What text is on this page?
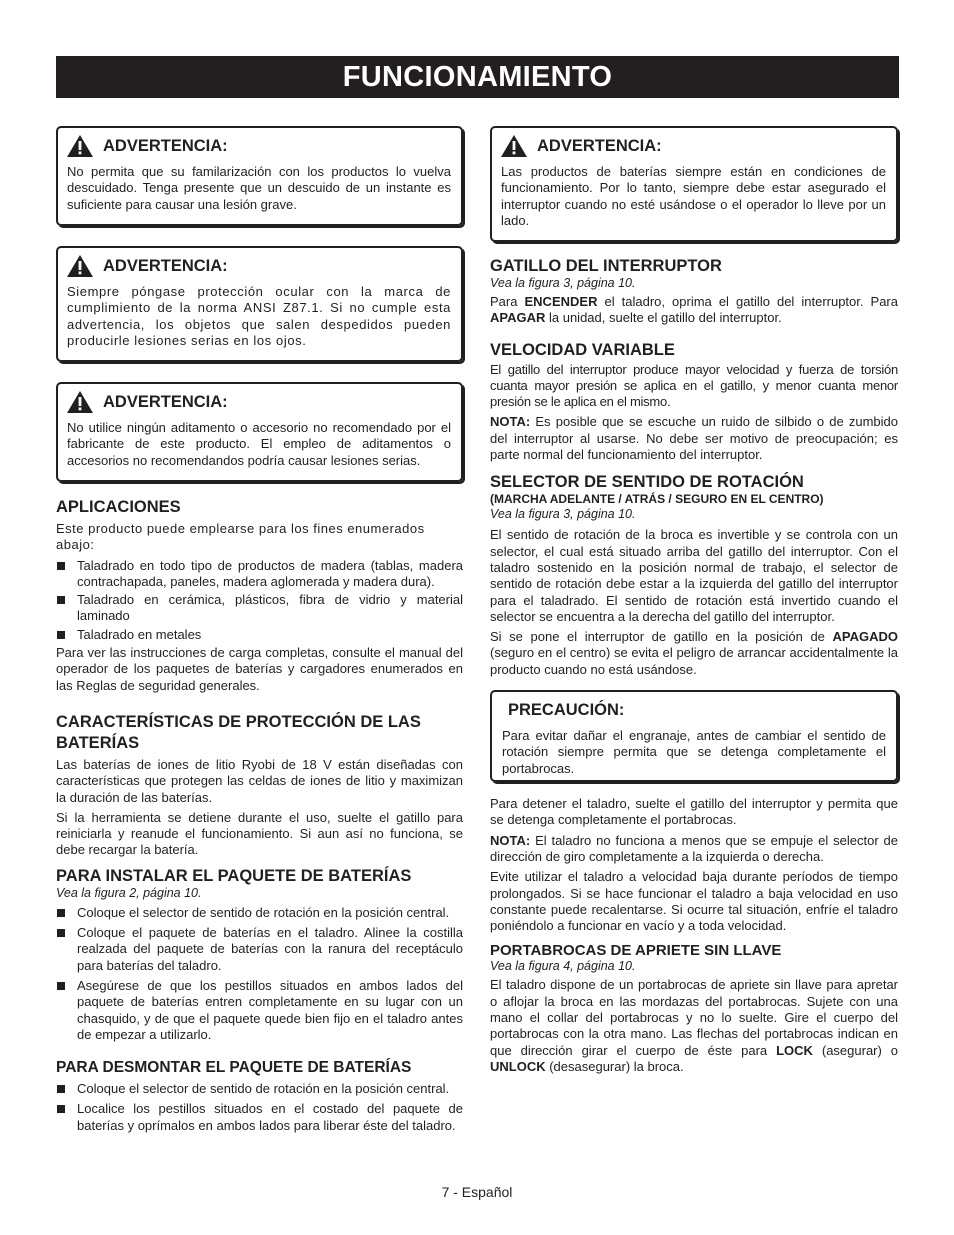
FUNCIONAMIENTO
ADVERTENCIA:
No permita que su familarización con los productos lo vuelva descuidado. Tenga presente que un descuido de un instante es suficiente para causar una lesión grave.
ADVERTENCIA:
Siempre póngase protección ocular con la marca de cumplimiento de la norma ANSI Z87.1. Si no cumple esta advertencia, los objetos que salen despedidos pueden producirle lesiones serias en los ojos.
ADVERTENCIA:
No utilice ningún aditamento o accesorio no recomendado por el fabricante de este producto. El empleo de aditamentos o accesorios no recomendandos podría causar lesiones serias.
APLICACIONES

Este producto puede emplearse para los fines enumerados abajo:

Taladrado en todo tipo de productos de madera (tablas, madera contrachapada, paneles, madera aglomerada y madera dura).
Taladrado en cerámica, plásticos, fibra de vidrio y material laminado
Taladrado en metales

Para ver las instrucciones de carga completas, consulte el manual del operador de los paquetes de baterías y cargadores enumerados en las Reglas de seguridad generales.

CARACTERÍSTICAS DE PROTECCIÓN DE LAS BATERÍAS

Las baterías de iones de litio Ryobi de 18 V están diseñadas con características que protegen las celdas de iones de litio y maximizan la duración de las baterías.

Si la herramienta se detiene durante el uso, suelte el gatillo para reiniciarla y reanude el funcionamiento. Si aun así no funciona, se debe recargar la batería.

PARA INSTALAR EL PAQUETE DE BATERÍAS
Vea la figura 2, página 10.
Coloque el selector de sentido de rotación en la posición central.
Coloque el paquete de baterías en el taladro. Alinee la costilla realzada del paquete de baterías con la ranura del receptáculo para baterías del taladro.
Asegúrese de que los pestillos situados en ambos lados del paquete de baterías entren completamente en su lugar con un chasquido, y de que el paquete quede bien fijo en el taladro antes de empezar a utilizarlo.
PARA DESMONTAR EL PAQUETE DE BATERÍAS
Coloque el selector de sentido de rotación en la posición central.
Localice los pestillos situados en el costado del paquete de baterías y oprímalos en ambos lados para liberar éste del taladro.
ADVERTENCIA:
Las productos de baterías siempre están en condiciones de funcionamiento. Por lo tanto, siempre debe estar asegurado el interruptor cuando no esté usándose o el operador lo lleve por un lado.
GATILLO DEL INTERRUPTOR
Vea la figura 3, página 10.

Para ENCENDER el taladro, oprima el gatillo del interruptor. Para APAGAR la unidad, suelte el gatillo del interruptor.

VELOCIDAD VARIABLE

El gatillo del interruptor produce mayor velocidad y fuerza de torsión cuanta mayor presión se aplica en el gatillo, y menor cuanta menor presión se le aplica en el mismo.

NOTA: Es posible que se escuche un ruido de silbido o de zumbido del interruptor al usarse. No debe ser motivo de preocupación; es parte normal del funcionamiento del interruptor.

SELECTOR DE SENTIDO DE ROTACIÓN
(MARCHA ADELANTE / ATRÁS / SEGURO EN EL CENTRO)
Vea la figura 3, página 10.

El sentido de rotación de la broca es invertible y se controla con un selector, el cual está situado arriba del gatillo del interruptor. Con el taladro sostenido en la posición normal de trabajo, el selector de sentido de rotación debe estar a la izquierda del gatillo del interruptor para el taladrado. El sentido de rotación está invertido cuando el selector se encuentra a la derecha del gatillo del interruptor.

Si se pone el interruptor de gatillo en la posición de APAGADO (seguro en el centro) se evita el peligro de arrancar accidentalmente la producto cuando no está usándose.

PRECAUCIÓN:
Para evitar dañar el engranaje, antes de cambiar el sentido de rotación siempre permita que se detenga completamente el portabrocas.

Para detener el taladro, suelte el gatillo del interruptor y permita que se detenga completamente el portabrocas.

NOTA: El taladro no funciona a menos que se empuje el selector de dirección de giro completamente a la izquierda o derecha.

Evite utilizar el taladro a velocidad baja durante períodos de tiempo prolongados. Si se hace funcionar el taladro a baja velocidad en uso constante puede recalentarse. Si ocurre tal situación, enfríe el taladro poniéndolo a funcionar en vacío y a toda velocidad.

PORTABROCAS DE APRIETE SIN LLAVE
Vea la figura 4, página 10.

El taladro dispone de un portabrocas de apriete sin llave para apretar o aflojar la broca en las mordazas del portabrocas. Sujete con una mano el collar del portabrocas y no lo suelte. Gire el cuerpo del portabrocas con la otra mano. Las flechas del portabrocas indican en que dirección girar el cuerpo de éste para LOCK (asegurar) o UNLOCK (desasegurar) la broca.

7 - Español
